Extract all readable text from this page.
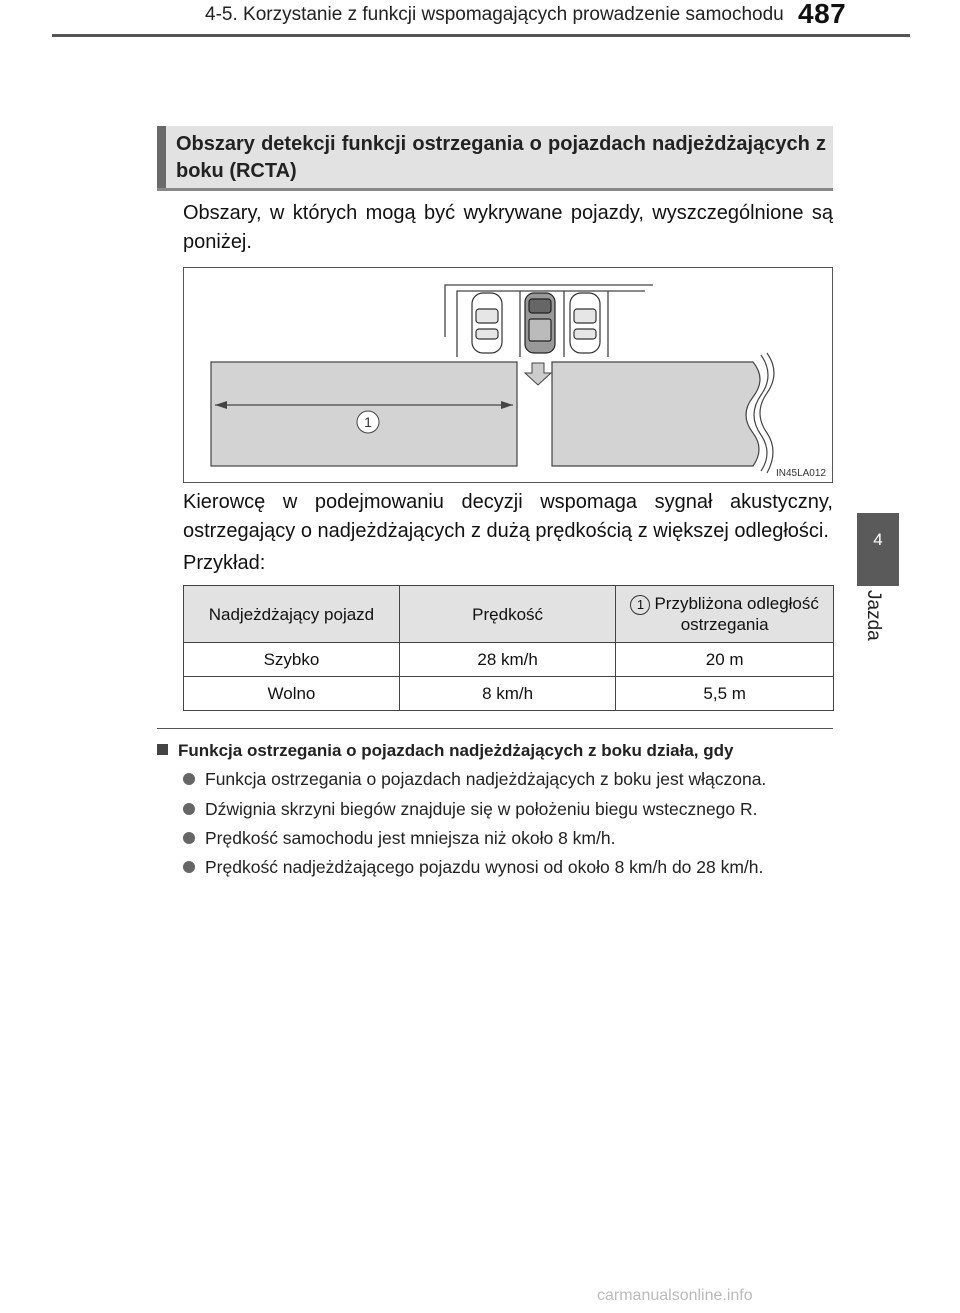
4-5. Korzystanie z funkcji wspomagających prowadzenie samochodu 487
4
Jazda
Obszary detekcji funkcji ostrzegania o pojazdach nadjeżdżających z boku (RCTA)
Obszary, w których mogą być wykrywane pojazdy, wyszczególnione są poniżej.
1
IN45LA012
Kierowcę w podejmowaniu decyzji wspomaga sygnał akustyczny, ostrzegający o nadjeżdżających z dużą prędkością z większej odległości.
Przykład:
Nadjeżdżający pojazd	Prędkość	1 Przybliżona odległość ostrzegania
Szybko	28 km/h	20 m
Wolno	8 km/h	5,5 m
Funkcja ostrzegania o pojazdach nadjeżdżających z boku działa, gdy
Funkcja ostrzegania o pojazdach nadjeżdżających z boku jest włączona.
Dźwignia skrzyni biegów znajduje się w położeniu biegu wstecznego R.
Prędkość samochodu jest mniejsza niż około 8 km/h.
Prędkość nadjeżdżającego pojazdu wynosi od około 8 km/h do 28 km/h.
carmanualsonline.info
